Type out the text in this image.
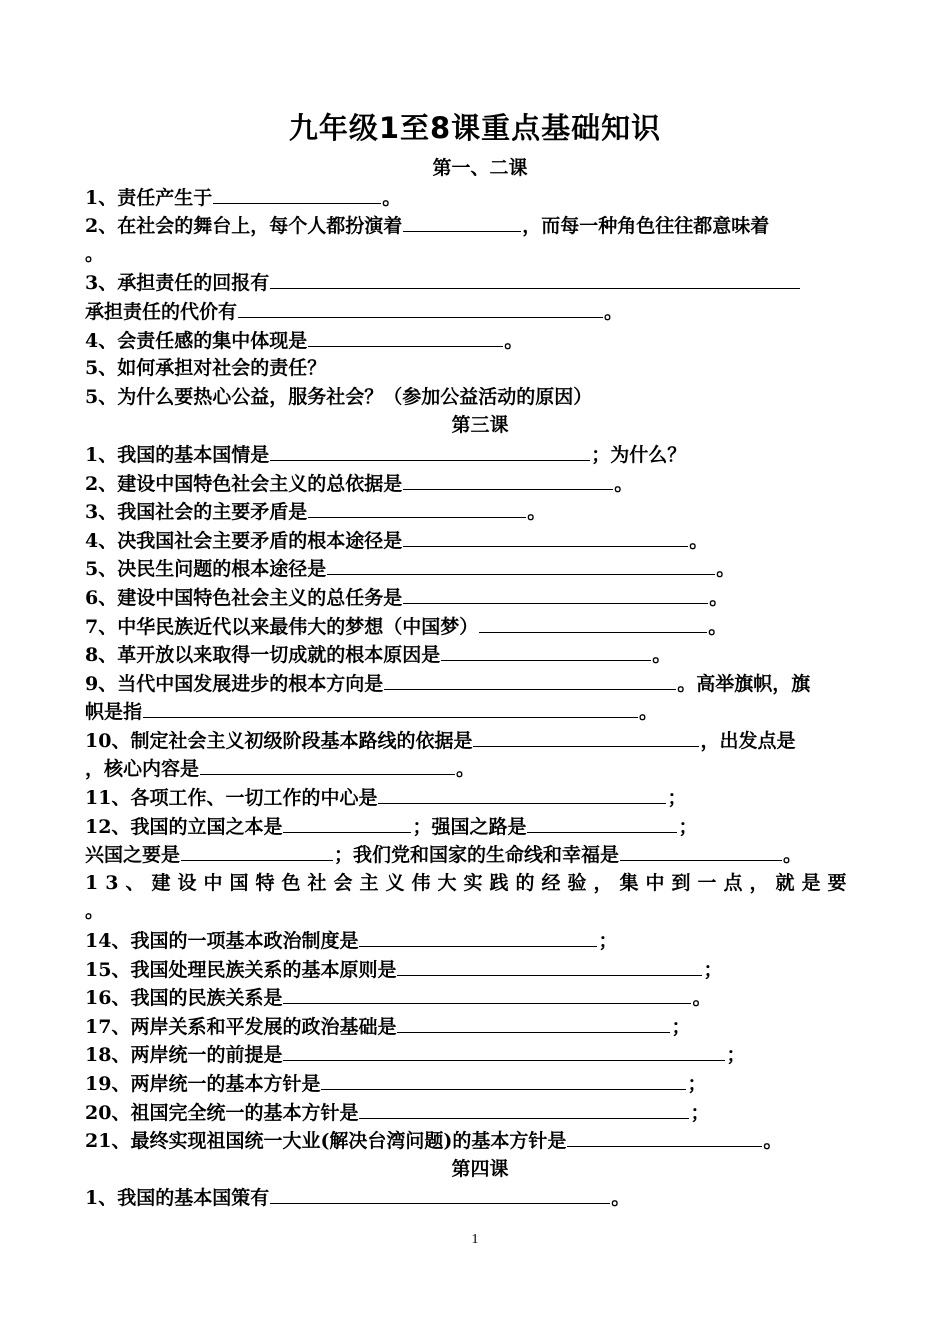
九年级1至8课重点基础知识
第一、二课
1、责任产生于	。
2、在社会的舞台上，每个人都扮演着	，而每一种角色往往都意味着
。
3、承担责任的回报有
承担责任的代价有	。
4、会责任感的集中体现是	。
5、如何承担对社会的责任？
5、为什么要热心公益，服务社会？（参加公益活动的原因）
第三课
1、我国的基本国情是	；为什么？
2、建设中国特色社会主义的总依据是	。
3、我国社会的主要矛盾是	。
4、决我国社会主要矛盾的根本途径是	。
5、决民生问题的根本途径是	。
6、建设中国特色社会主义的总任务是	。
7、中华民族近代以来最伟大的梦想（中国梦）	。
8、革开放以来取得一切成就的根本原因是	。
9、当代中国发展进步的根本方向是	。高举旗帜，旗
帜是指	。
10、制定社会主义初级阶段基本路线的依据是	，出发点是
，核心内容是	。
11、各项工作、一切工作的中心是	；
12、我国的立国之本是	；强国之路是	；
兴国之要是	；我们党和国家的生命线和幸福是	。
13、建设中国特色社会主义伟大实践的经验，集中到一点，就是要
。
14、我国的一项基本政治制度是	；
15、我国处理民族关系的基本原则是	；
16、我国的民族关系是	。
17、两岸关系和平发展的政治基础是	；
18、两岸统一的前提是	；
19、两岸统一的基本方针是	；
20、祖国完全统一的基本方针是	；
21、最终实现祖国统一大业(解决台湾问题)的基本方针是	。
第四课
1、我国的基本国策有	。
1
